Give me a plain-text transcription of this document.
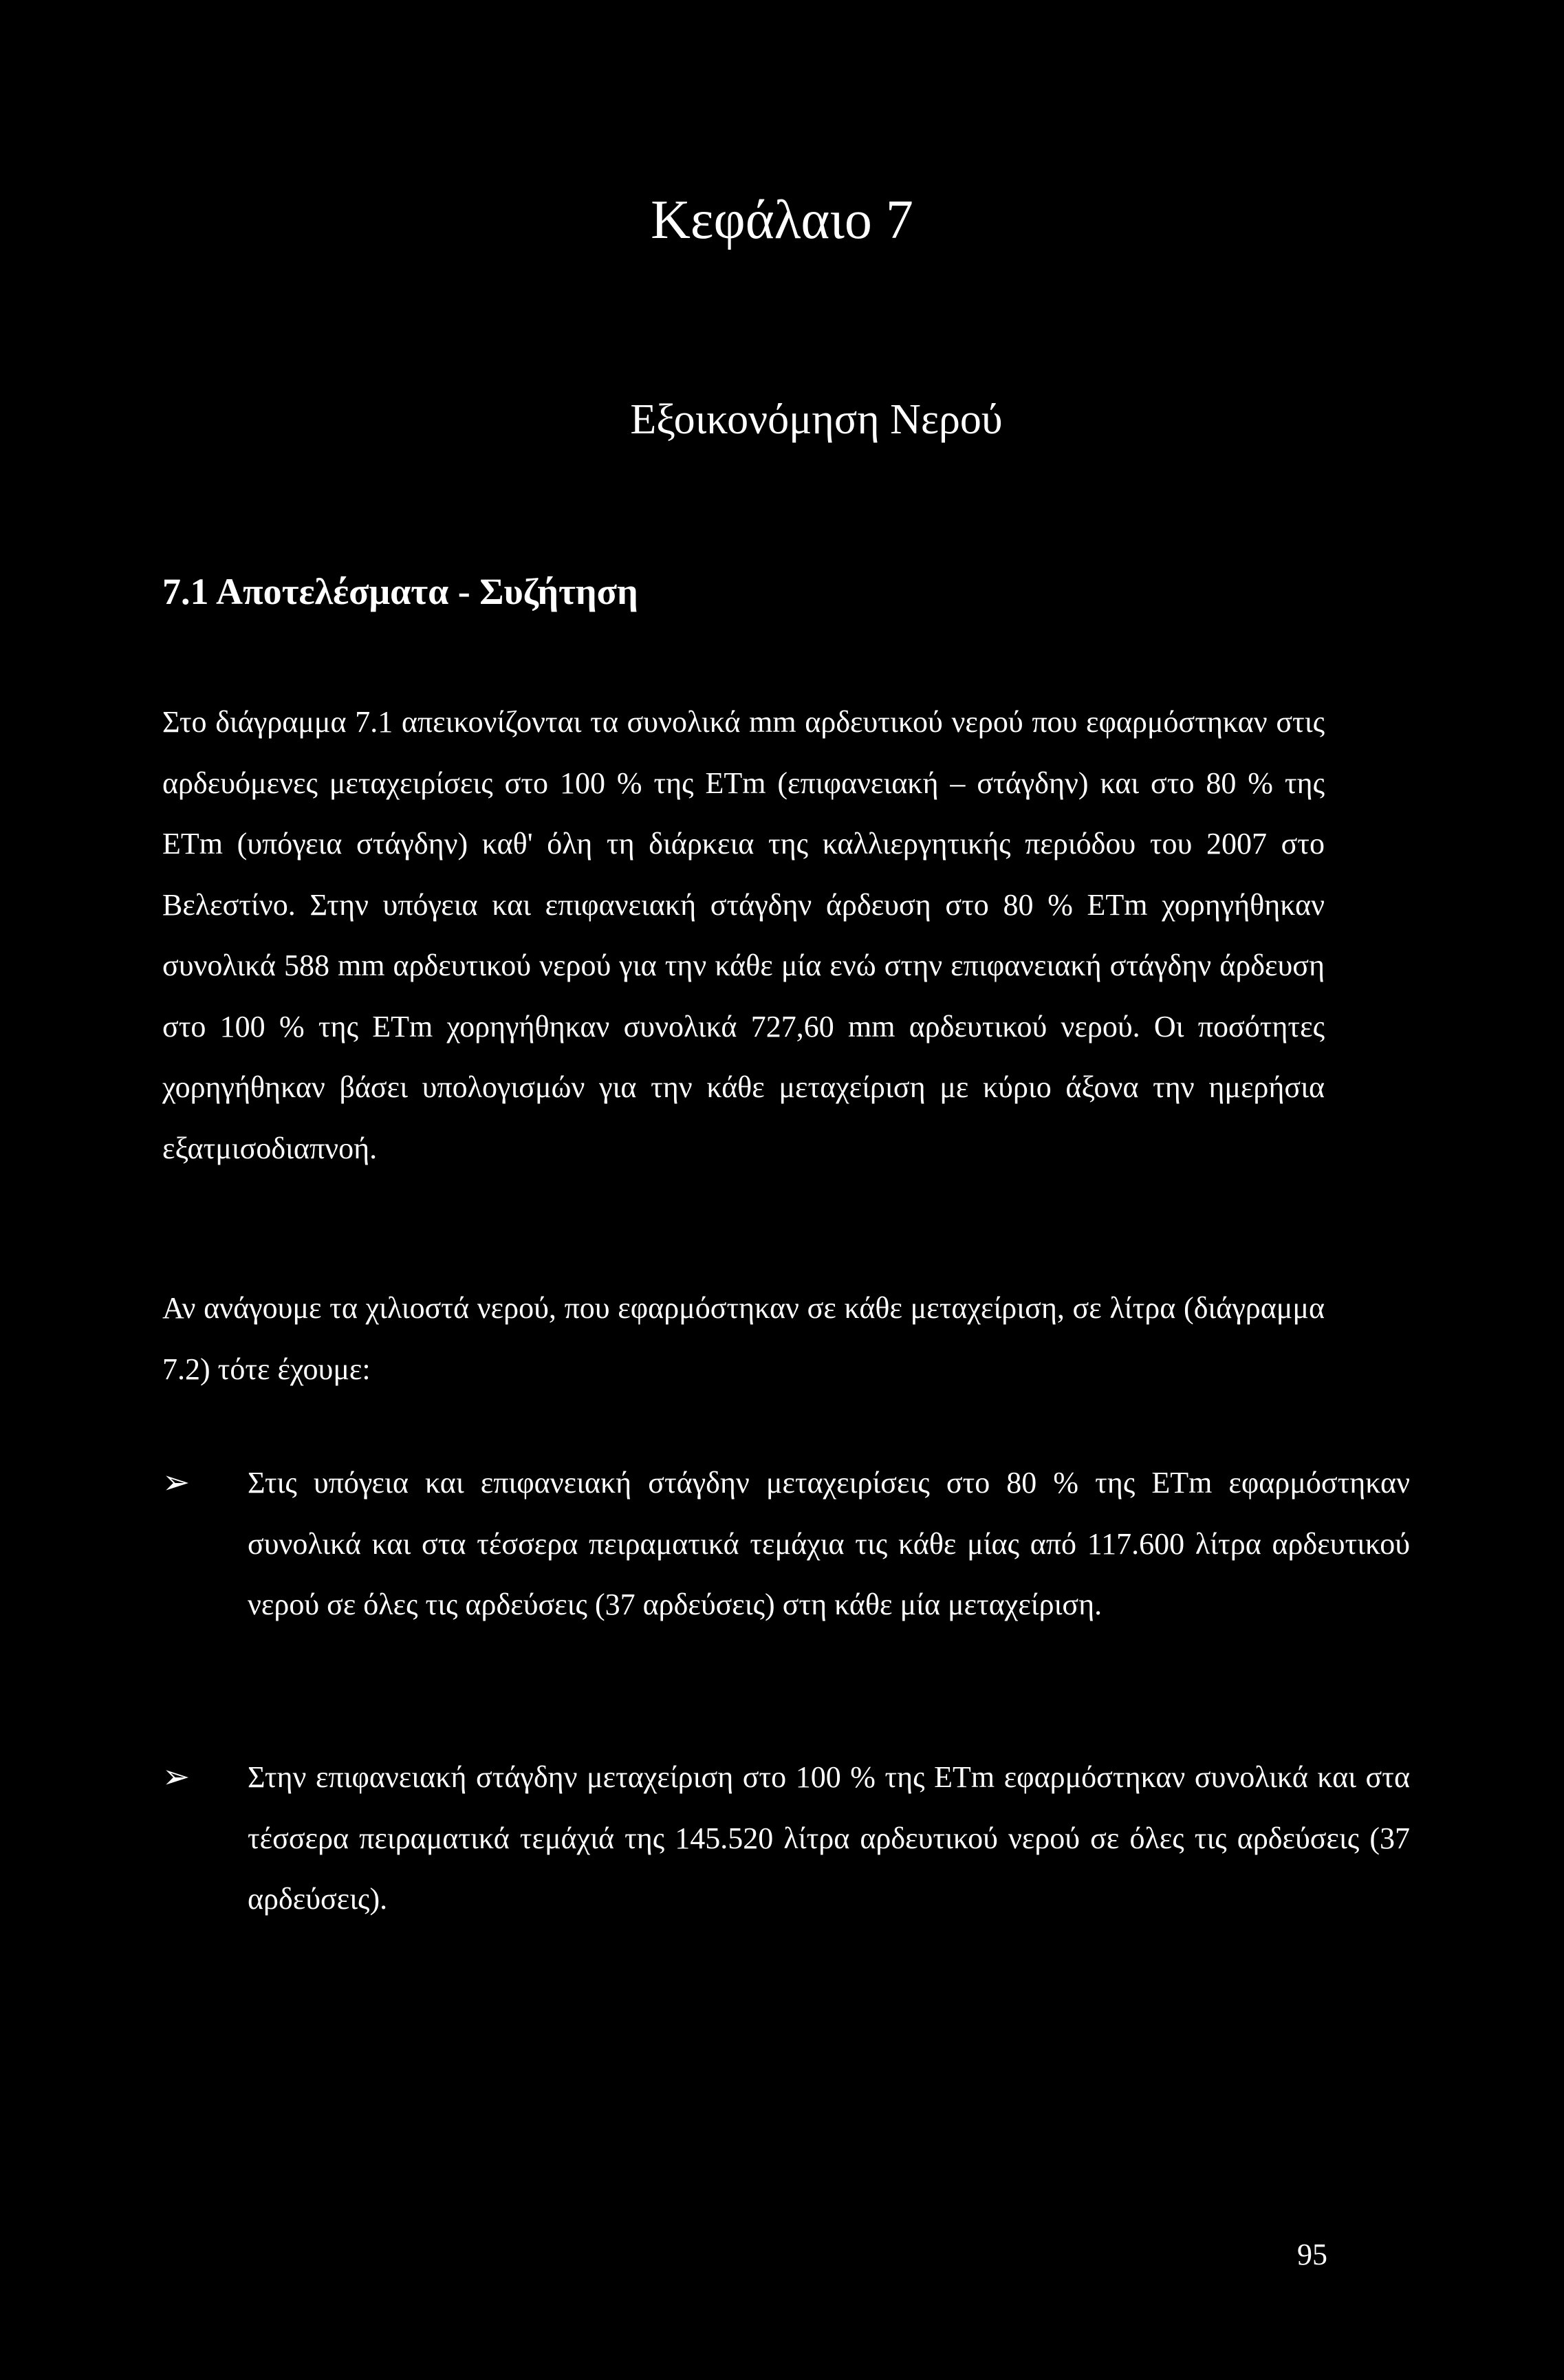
Κεφάλαιο 7
Εξοικονόμηση Νερού
7.1 Αποτελέσματα - Συζήτηση

Στο διάγραμμα 7.1 απεικονίζονται τα συνολικά mm αρδευτικού νερού που εφαρμόστηκαν στις αρδευόμενες μεταχειρίσεις στο 100 % της ETm (επιφανειακή – στάγδην) και στο 80 % της ETm (υπόγεια στάγδην) καθ' όλη τη διάρκεια της καλλιεργητικής περιόδου του 2007 στο Βελεστίνο. Στην υπόγεια και επιφανειακή στάγδην άρδευση στο 80 % ETm χορηγήθηκαν συνολικά 588 mm αρδευτικού νερού για την κάθε μία ενώ στην επιφανειακή στάγδην άρδευση στο 100 % της ETm χορηγήθηκαν συνολικά 727,60 mm αρδευτικού νερού. Οι ποσότητες χορηγήθηκαν βάσει υπολογισμών για την κάθε μεταχείριση με κύριο άξονα την ημερήσια εξατμισοδιαπνοή.

Αν ανάγουμε τα χιλιοστά νερού, που εφαρμόστηκαν σε κάθε μεταχείριση, σε λίτρα (διάγραμμα 7.2) τότε έχουμε:

➢	Στις υπόγεια και επιφανειακή στάγδην μεταχειρίσεις στο 80 % της ETm εφαρμόστηκαν συνολικά και στα τέσσερα πειραματικά τεμάχια τις κάθε μίας από 117.600 λίτρα αρδευτικού νερού σε όλες τις αρδεύσεις (37 αρδεύσεις) στη κάθε μία μεταχείριση.
➢	Στην επιφανειακή στάγδην μεταχείριση στο 100 % της ETm εφαρμόστηκαν συνολικά και στα τέσσερα πειραματικά τεμάχιά της 145.520 λίτρα αρδευτικού νερού σε όλες τις αρδεύσεις (37 αρδεύσεις).
95
